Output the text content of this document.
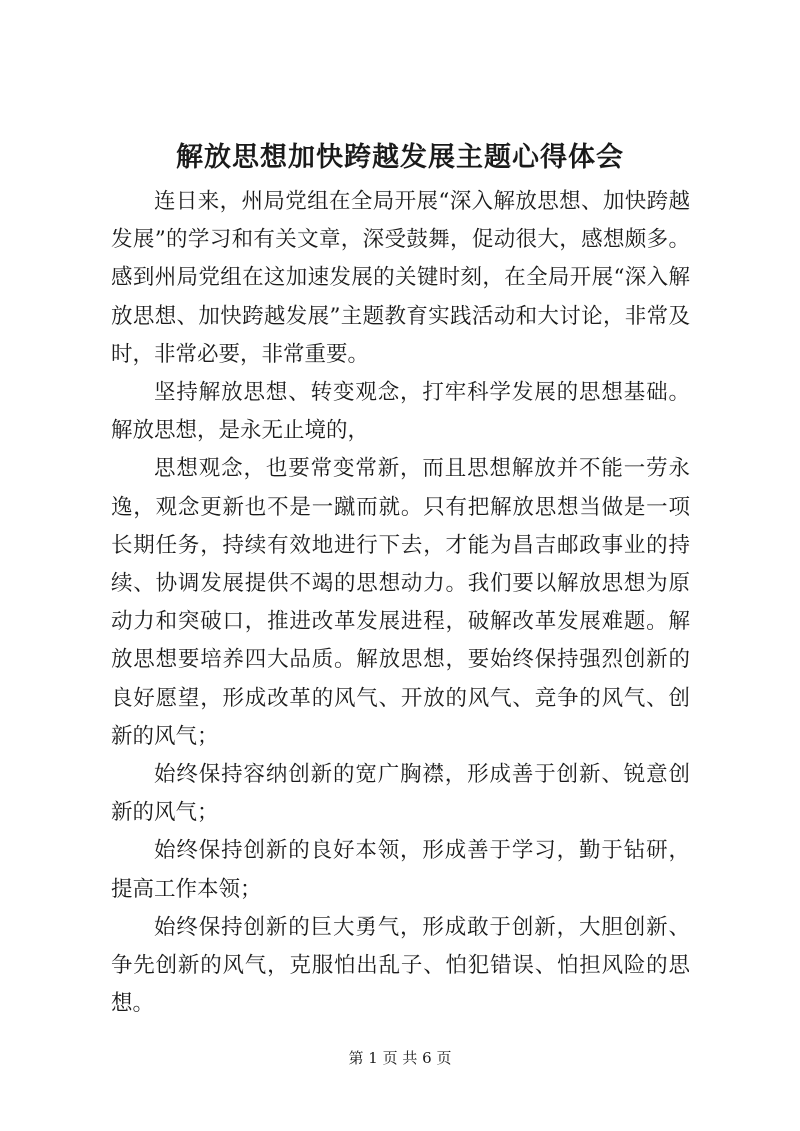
解放思想加快跨越发展主题心得体会

连日来，州局党组在全局开展“深入解放思想、加快跨越发展”的学习和有关文章，深受鼓舞，促动很大，感想颇多。感到州局党组在这加速发展的关键时刻，在全局开展“深入解放思想、加快跨越发展”主题教育实践活动和大讨论，非常及时，非常必要，非常重要。

坚持解放思想、转变观念，打牢科学发展的思想基础。解放思想，是永无止境的，

思想观念，也要常变常新，而且思想解放并不能一劳永逸，观念更新也不是一蹴而就。只有把解放思想当做是一项长期任务，持续有效地进行下去，才能为昌吉邮政事业的持续、协调发展提供不竭的思想动力。我们要以解放思想为原动力和突破口，推进改革发展进程，破解改革发展难题。解放思想要培养四大品质。解放思想，要始终保持强烈创新的良好愿望，形成改革的风气、开放的风气、竞争的风气、创新的风气；

始终保持容纳创新的宽广胸襟，形成善于创新、锐意创新的风气；

始终保持创新的良好本领，形成善于学习，勤于钻研，提高工作本领；

始终保持创新的巨大勇气，形成敢于创新，大胆创新、争先创新的风气，克服怕出乱子、怕犯错误、怕担风险的思想。

第 1 页 共 6 页
